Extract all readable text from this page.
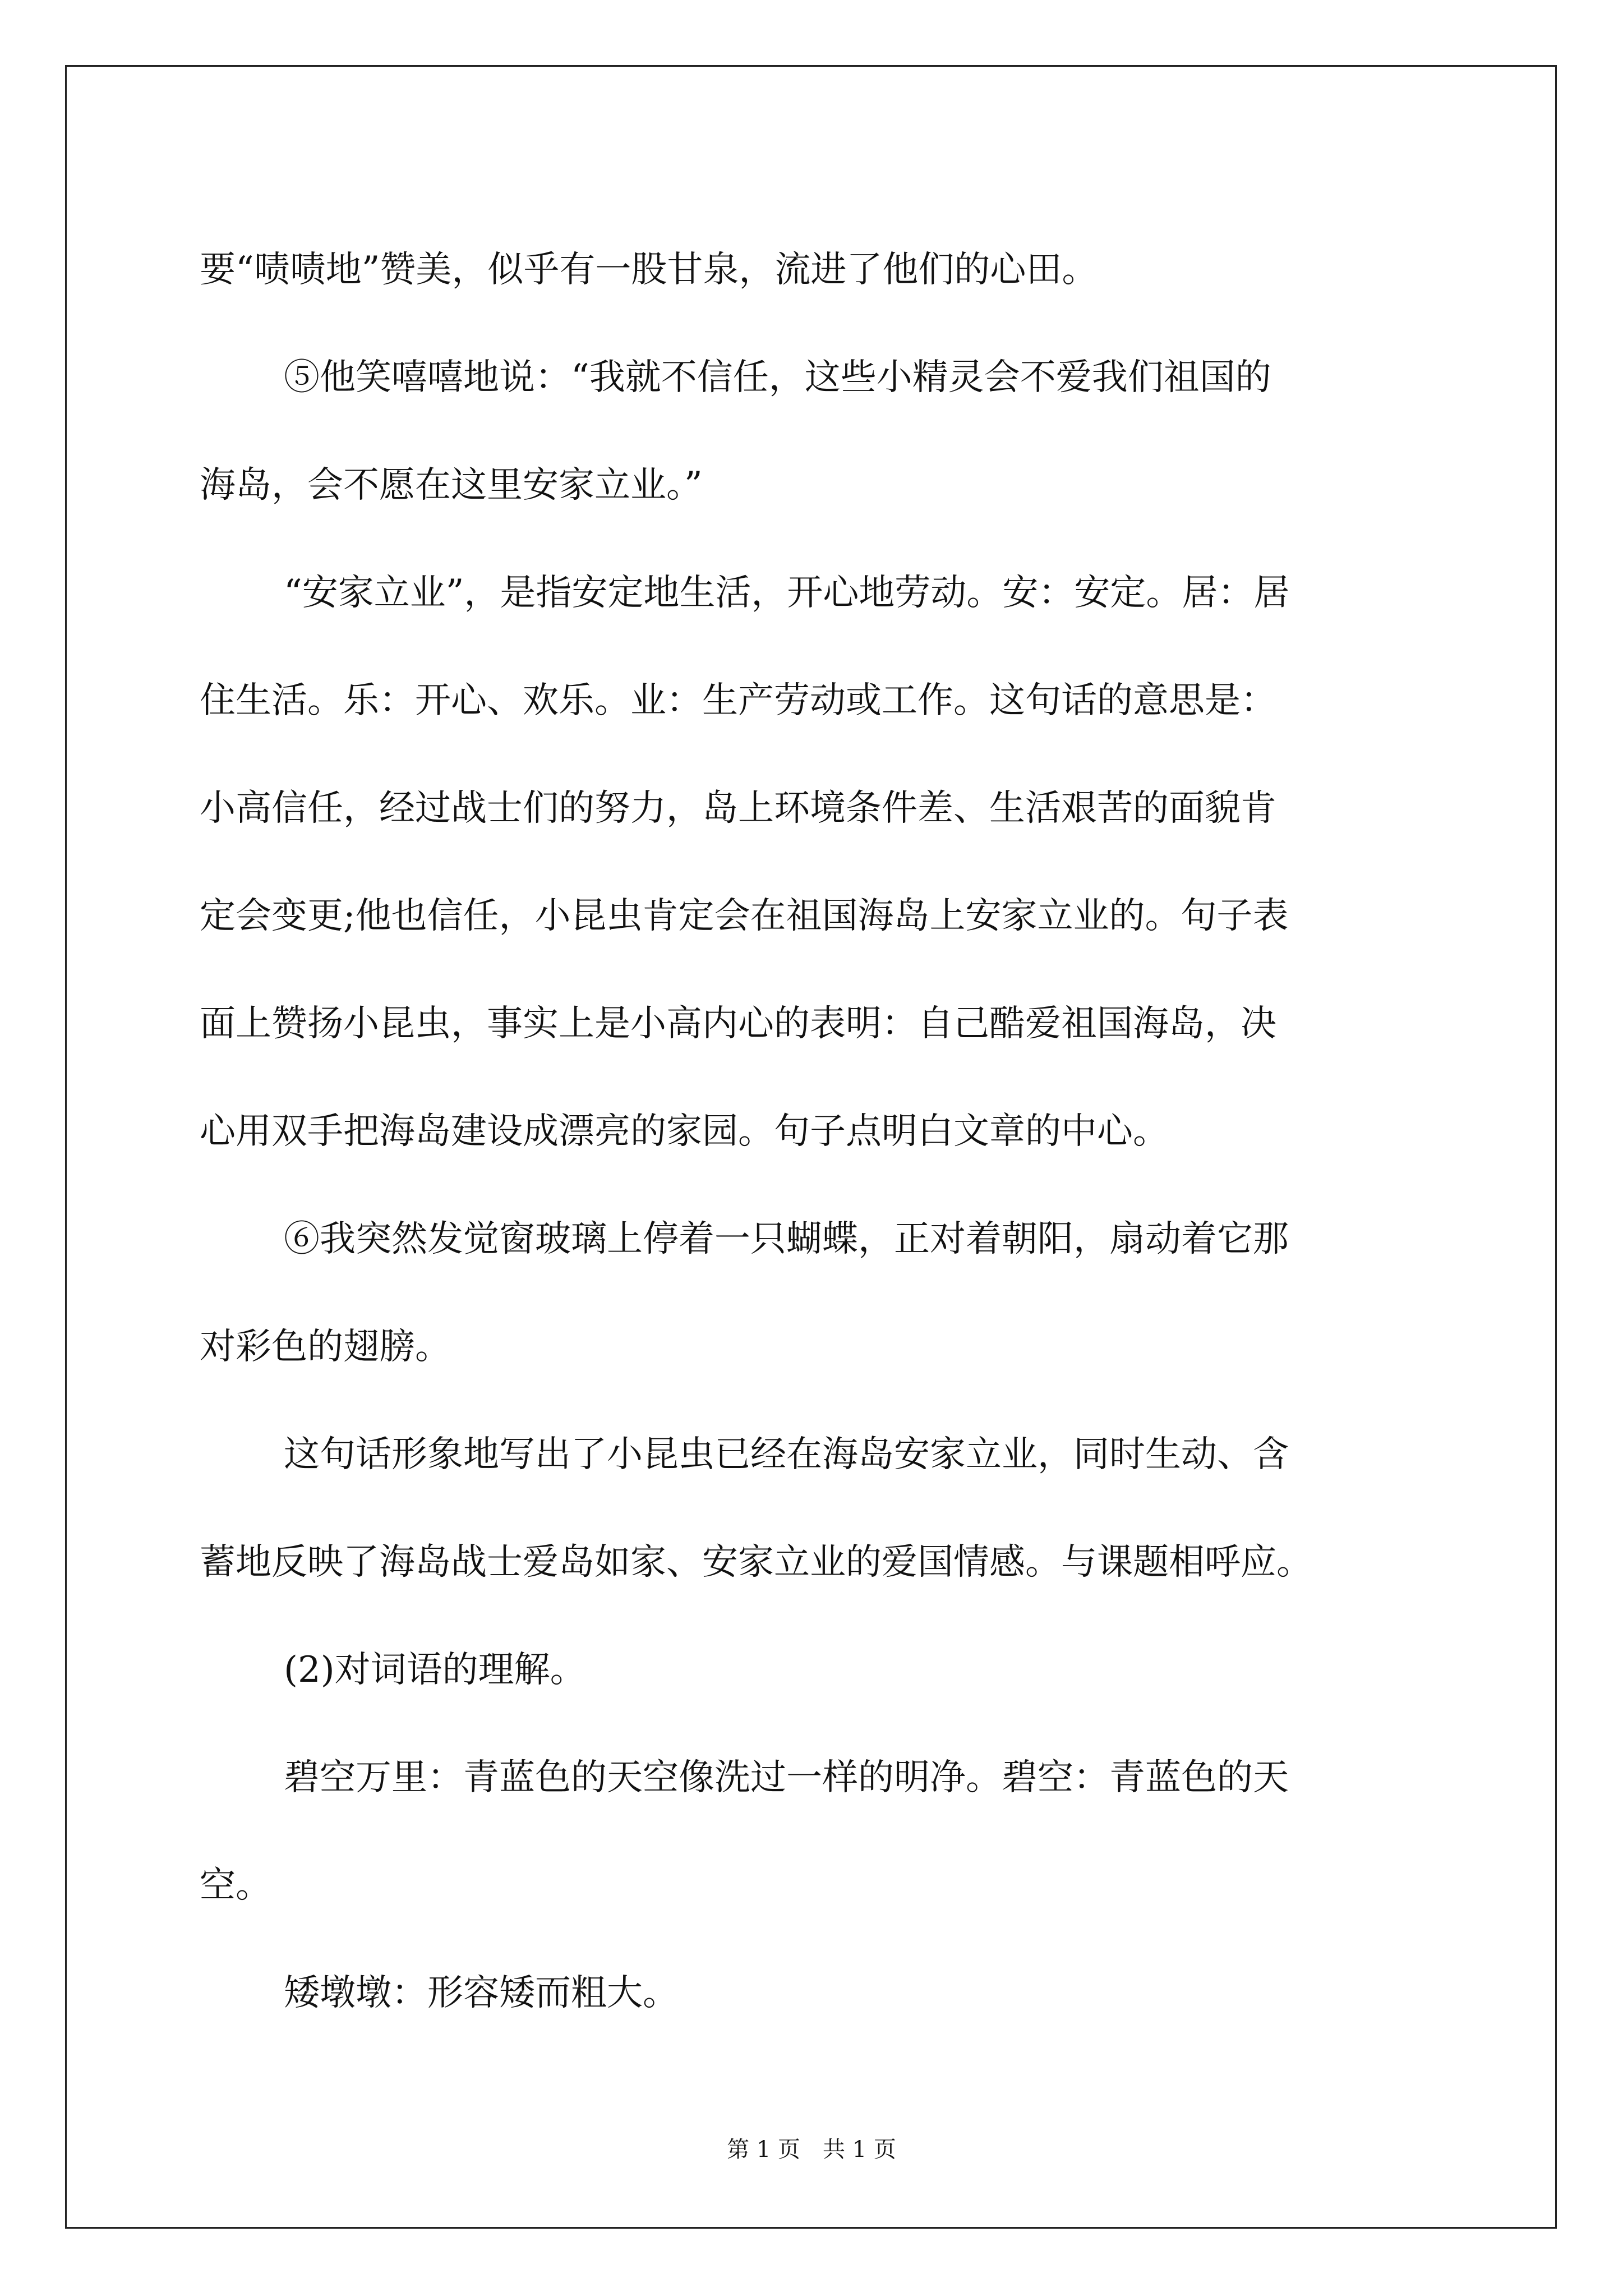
要“啧啧地”赞美，似乎有一股甘泉，流进了他们的心田。
⑤他笑嘻嘻地说：“我就不信任，这些小精灵会不爱我们祖国的
海岛，会不愿在这里安家立业。”
“安家立业”，是指安定地生活，开心地劳动。安：安定。居：居
住生活。乐：开心、欢乐。业：生产劳动或工作。这句话的意思是：
小高信任，经过战士们的努力，岛上环境条件差、生活艰苦的面貌肯
定会变更;他也信任，小昆虫肯定会在祖国海岛上安家立业的。句子表
面上赞扬小昆虫，事实上是小高内心的表明：自己酷爱祖国海岛，决
心用双手把海岛建设成漂亮的家园。句子点明白文章的中心。
⑥我突然发觉窗玻璃上停着一只蝴蝶，正对着朝阳，扇动着它那
对彩色的翅膀。
这句话形象地写出了小昆虫已经在海岛安家立业，同时生动、含
蓄地反映了海岛战士爱岛如家、安家立业的爱国情感。与课题相呼应。
(2)对词语的理解。
碧空万里：青蓝色的天空像洗过一样的明净。碧空：青蓝色的天
空。
矮墩墩：形容矮而粗大。

第 1 页　共 1 页
